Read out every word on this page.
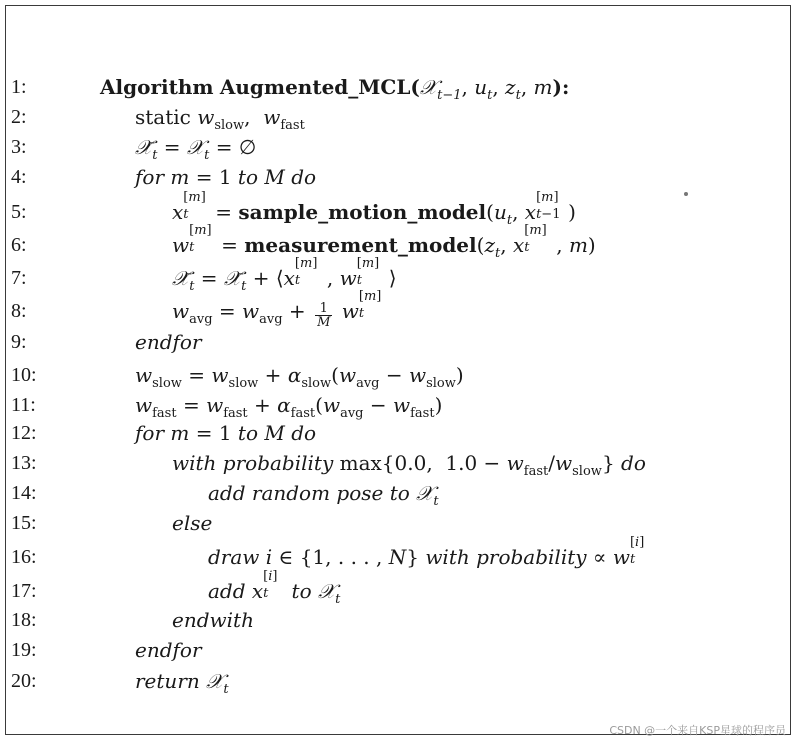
1:	Algorithm Augmented_MCL(𝒳$_{t-1}$, $u_t$, $z_t$, m):
2:	static $w_{slow}$,  $w_{fast}$
3:	$𝒳̄_t$ = 𝒳$_t$ = ∅
4:	for m = 1 to M do
5:	x
[m]
$t = sample\_motion\_model(u_t$, x
[m]
t−1 )
6:	w
[m]
$t = measurement\_model(z_t$, x
[m]
t , m)
7:	$𝒳̄_t$ = $𝒳̄_t$ + ⟨x
[m]
t , w
[m]
t ⟩
8:	$w_{avg} = w_{avg} + \frac{1}{M}$ w
[m]
t
9:	endfor
10:	$w_{slow} = w_{slow} + \alpha_{slow}(w_{avg} - w_{slow})$
11:	$w_{fast} = w_{fast} + \alpha_{fast}(w_{avg} - w_{fast})$
12:	for m = 1 to M do
13:	with probability max{0.0,  $1.0 - w_{fast}/w_{slow}$} do
14:	add random pose to 𝒳$_t$
15:	else
16:	draw i ∈ {1, . . . , N} with probability ∝ w
[i]
t
17:	add x
[i]
t to 𝒳$_t$
18:	endwith
19:	endfor
20:	return 𝒳$_t$
CSDN @一个来自KSP星球的程序员
